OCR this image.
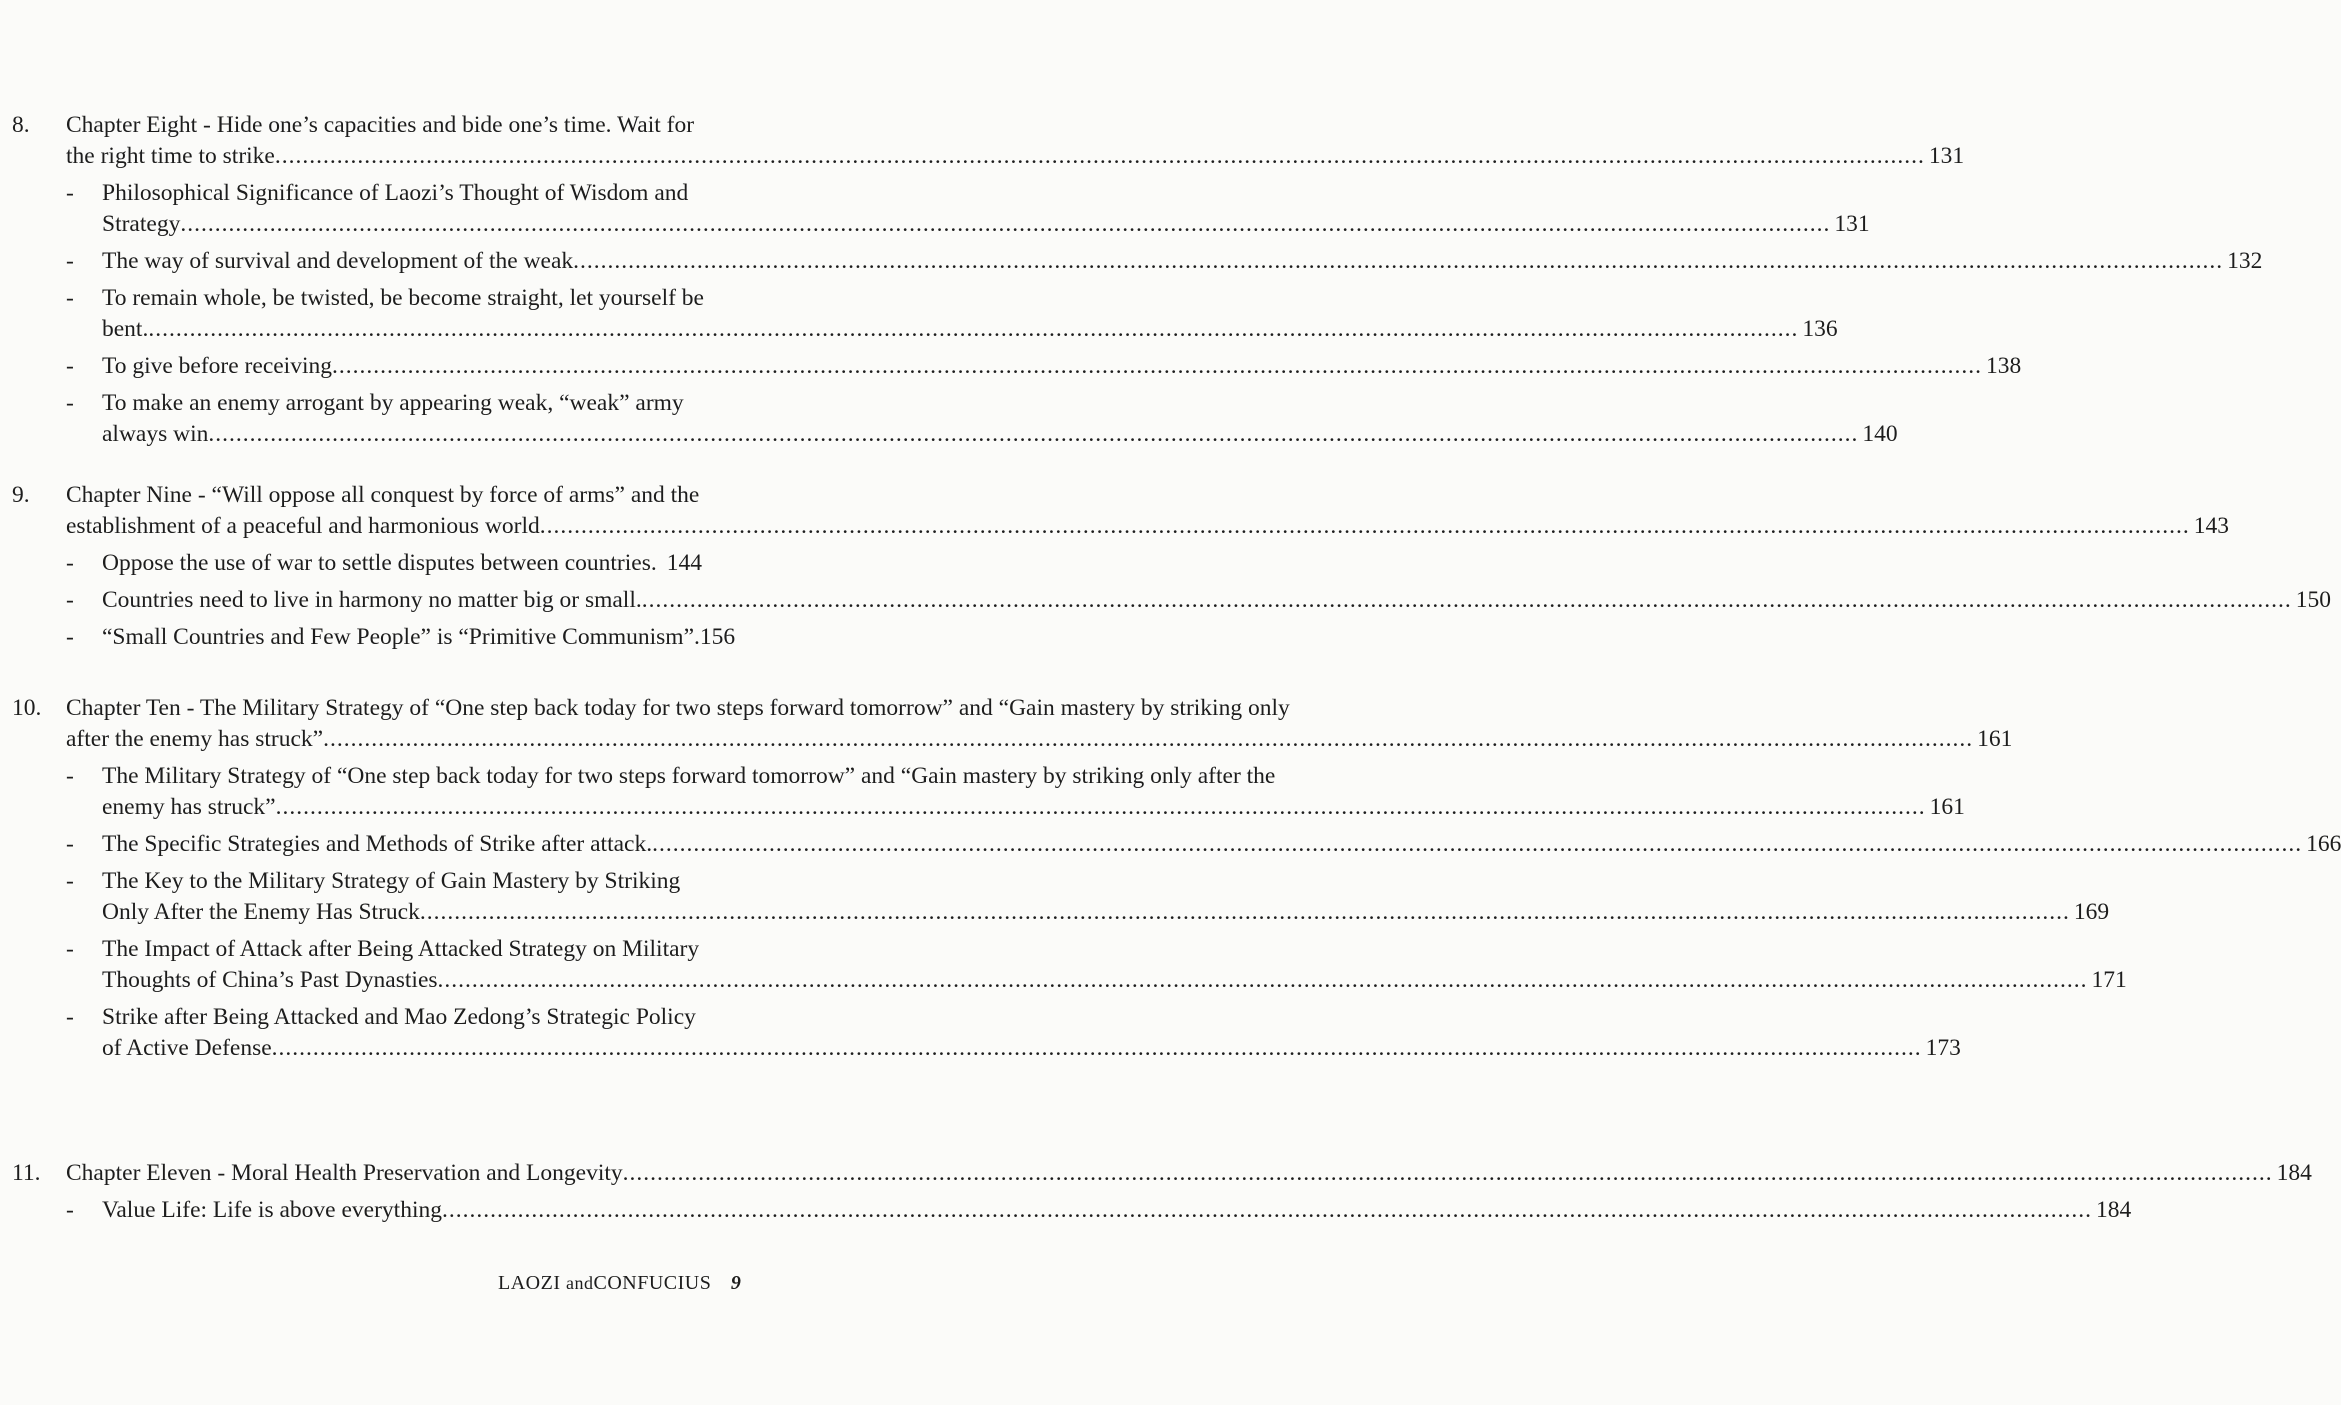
8.	Chapter Eight - Hide one’s capacities and bide one’s time. Wait for
the right time to strike .....	131
-	Philosophical Significance of Laozi’s Thought of Wisdom and
Strategy .....	131
-	The way of survival and development of the weak .....	132
-	To remain whole, be twisted, be become straight, let yourself be
bent. .....	136
-	To give before receiving .....	138
-	To make an enemy arrogant by appearing weak, “weak” army
always win .....	140
9.	Chapter Nine - “Will oppose all conquest by force of arms” and the
establishment of a peaceful and harmonious world .....	143
-	Oppose the use of war to settle disputes between countries. 144
-	Countries need to live in harmony no matter big or small. .....	150
-	“Small Countries and Few People” is “Primitive Communism”. 156
10.	Chapter Ten - The Military Strategy of “One step back today for two steps forward tomorrow” and “Gain mastery by striking only
after the enemy has struck” .....	161
-	The Military Strategy of “One step back today for two steps forward tomorrow” and “Gain mastery by striking only after the
enemy has struck” .....	161
-	The Specific Strategies and Methods of Strike after attack. .....	166
-	The Key to the Military Strategy of Gain Mastery by Striking
Only After the Enemy Has Struck .....	169
-	The Impact of Attack after Being Attacked Strategy on Military
Thoughts of China’s Past Dynasties .....	171
-	Strike after Being Attacked and Mao Zedong’s Strategic Policy
of Active Defense .....	173
11.	Chapter Eleven - Moral Health Preservation and Longevity .....	184
-	Value Life: Life is above everything .....	184
LAOZI andCONFUCIUS 9
